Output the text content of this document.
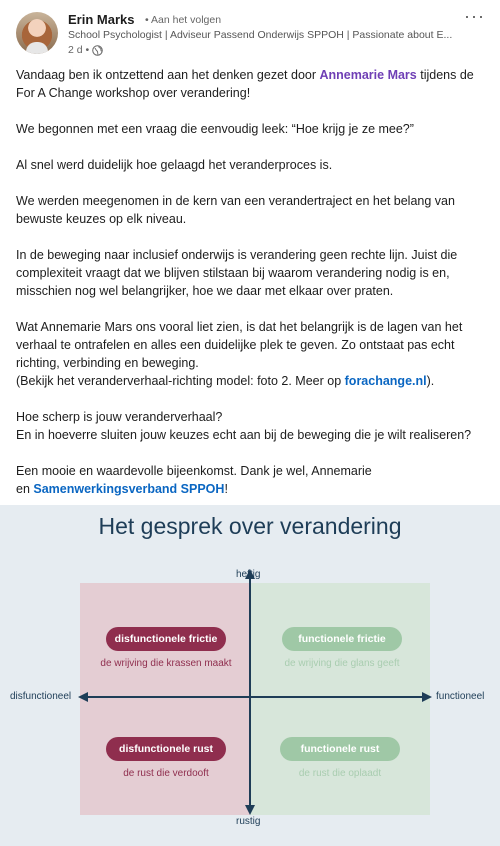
Erin Marks • Aan het volgen
School Psychologist | Adviseur Passend Onderwijs SPPOH | Passionate about E...
2 d •
···

Vandaag ben ik ontzettend aan het denken gezet door Annemarie Mars tijdens de For A Change workshop over verandering!

We begonnen met een vraag die eenvoudig leek: “Hoe krijg je ze mee?”

Al snel werd duidelijk hoe gelaagd het veranderproces is.

We werden meegenomen in de kern van een verandertraject en het belang van bewuste keuzes op elk niveau.

In de beweging naar inclusief onderwijs is verandering geen rechte lijn. Juist die complexiteit vraagt dat we blijven stilstaan bij waarom verandering nodig is en, misschien nog wel belangrijker, hoe we daar met elkaar over praten.

Wat Annemarie Mars ons vooral liet zien, is dat het belangrijk is de lagen van het verhaal te ontrafelen en alles een duidelijke plek te geven. Zo ontstaat pas echt richting, verbinding en beweging.
(Bekijk het veranderverhaal-richting model: foto 2. Meer op forachange.nl).

Hoe scherp is jouw veranderverhaal?
En in hoeverre sluiten jouw keuzes echt aan bij de beweging die je wilt realiseren?

Een mooie en waardevolle bijeenkomst. Dank je wel, Annemarie
en Samenwerkingsverband SPPOH!

Het gesprek over verandering
heftig
rustig
disfunctioneel	functioneel
disfunctionele frictie
de wrijving die krassen maakt
functionele frictie
de wrijving die glans geeft
disfunctionele rust
de rust die verdooft
functionele rust
de rust die oplaadt
